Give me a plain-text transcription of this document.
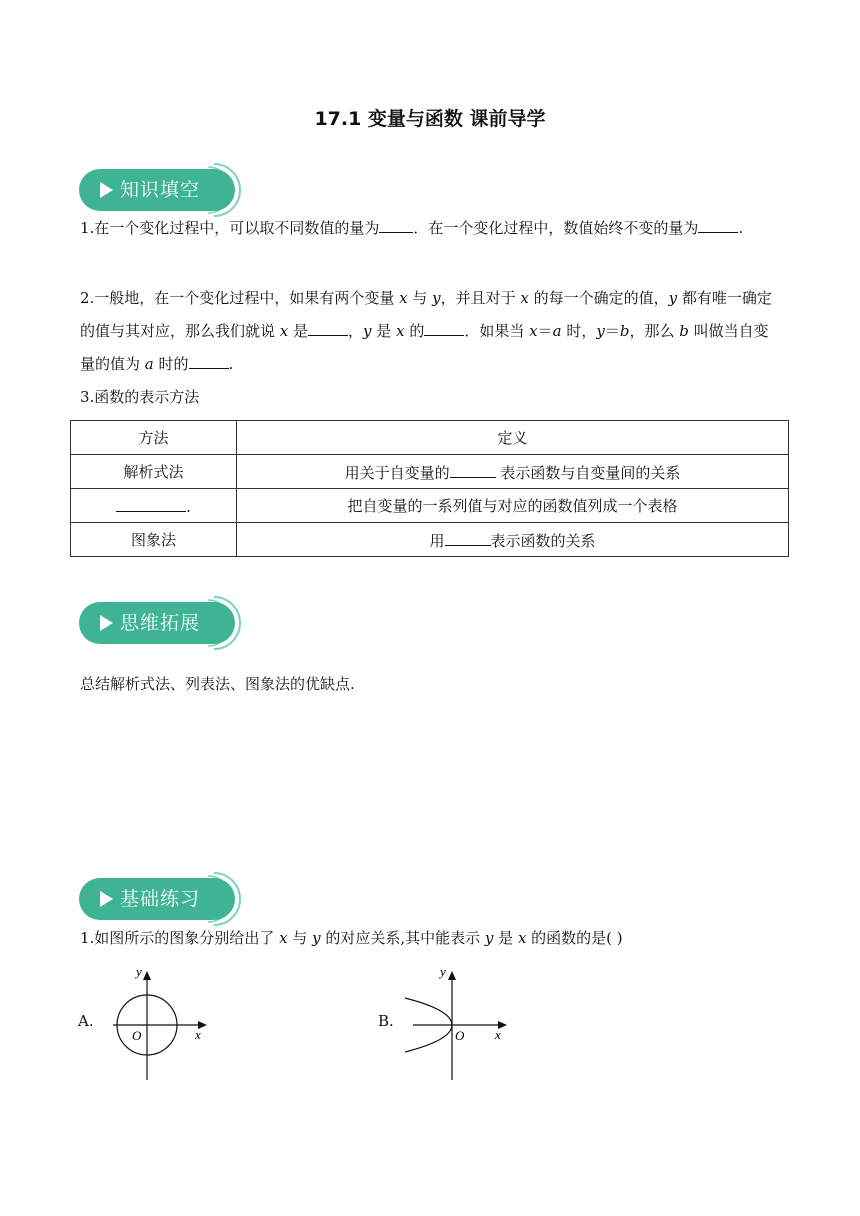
17.1 变量与函数 课前导学
知识填空

1.在一个变化过程中，可以取不同数值的量为 ．在一个变化过程中，数值始终不变的量为	.

2.一般地，在一个变化过程中，如果有两个变量 x 与 y，并且对于 x 的每一个确定的值，y 都有唯一确定的值与其对应，那么我们就说 x 是	，y 是 x 的	．如果当 x＝a 时，y＝b，那么 b 叫做当自变量的值为 a 时的	.

3.函数的表示方法

方法	定义
解析式法	用关于自变量的 表示函数与自变量间的关系
.	把自变量的一系列值与对应的函数值列成一个表格
图象法	用 表示函数的关系
思维拓展

总结解析式法、列表法、图象法的优缺点.

基础练习

1.如图所示的图象分别给出了 x 与 y 的对应关系,其中能表示 y 是 x 的函数的是( )

A.
y
x
O
B.
y
x
O
